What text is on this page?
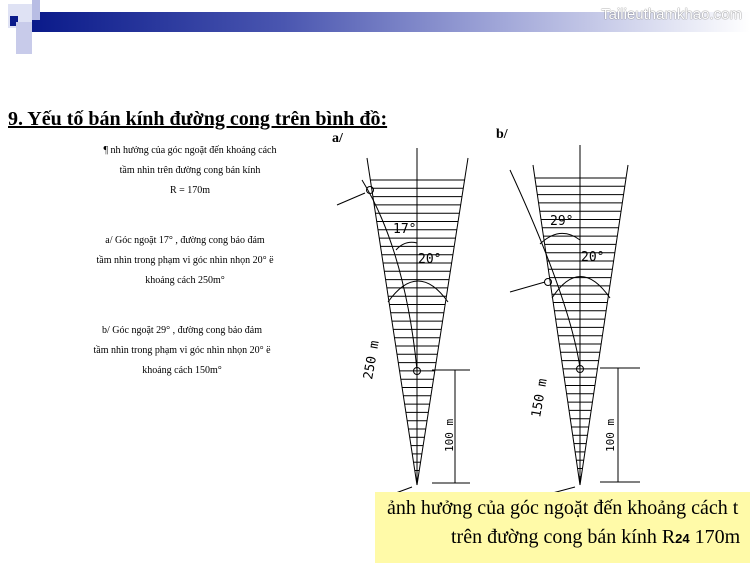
Tailieuthamkhao.com
9. Yếu tố bán kính đường cong trên bình đồ:
¶ nh hưởng của góc ngoặt đến khoảng cách
tầm nhìn trên đường cong bán kính
R = 170m
a/ Góc ngoặt 17° , đường cong bảo đảm
tầm nhìn trong phạm vi góc nhìn nhọn 20° ë
khoảng cách 250m°
b/ Góc ngoặt 29° , đường cong bảo đảm
tầm nhìn trong phạm vi góc nhìn nhọn 20° ë
khoảng cách 150m°
a/	b/
17°
20°
250 m
100 m
29°
20°
150 m
100 m
ảnh hưởng của góc ngoặt đến khoảng cách t
trên đường cong bán kính R24 170m
